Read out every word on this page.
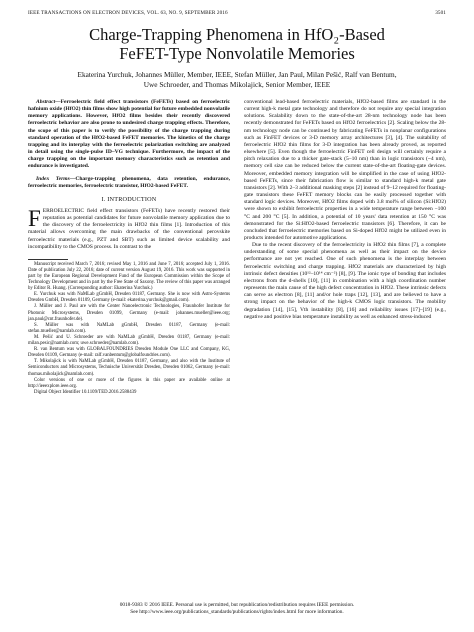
IEEE TRANSACTIONS ON ELECTRON DEVICES, VOL. 63, NO. 9, SEPTEMBER 2016	3501
Charge-Trapping Phenomena in HfO₂-Based
FeFET-Type Nonvolatile Memories
Ekaterina Yurchuk, Johannes Müller, Member, IEEE, Stefan Müller, Jan Paul, Milan Pešić, Ralf van Bentum,
Uwe Schroeder, and Thomas Mikolajick, Senior Member, IEEE

Abstract—Ferroelectric field effect transistors (FeFETs) based on ferroelectric hafnium oxide (HfO2) thin films show high potential for future embedded nonvolatile memory applications. However, HfO2 films besides their recently discovered ferroelectric behavior are also prone to undesired charge trapping effects. Therefore, the scope of this paper is to verify the possibility of the charge trapping during standard operation of the HfO2-based FeFET memories. The kinetics of the charge trapping and its interplay with the ferroelectric polarization switching are analyzed in detail using the single-pulse ID–VG technique. Furthermore, the impact of the charge trapping on the important memory characteristics such as retention and endurance is investigated.

Index Terms—Charge-trapping phenomena, data retention, endurance, ferroelectric memories, ferroelectric transistor, HfO2-based FeFET.

I. INTRODUCTION
F ERROELECTRIC field effect transistors (FeFETs) have recently restored their reputation as potential candidates for future nonvolatile memory application due to the discovery of the ferroelectricity in HfO2 thin films [1]. Introduction of this material allows overcoming the main drawbacks of the conventional perovskite ferroelectric materials (e.g., PZT and SBT) such as limited device scalability and incompatibility to the CMOS process. In contrast to the

Manuscript received March 7, 2016; revised May 1, 2016 and June 7, 2016; accepted July 1, 2016. Date of publication July 22, 2016; date of current version August 19, 2016. This work was supported in part by the European Regional Development Fund of the European Commission within the Scope of Technology Development and in part by the Free State of Saxony. The review of this paper was arranged by Editor R. Huang. (Corresponding author: Ekaterina Yurchuk.)

E. Yurchuk was with NaMLab gGmbH, Dresden 01187, Germany. She is now with Astro-Systems Dresden GmbH, Dresden 01109, Germany (e-mail: ekaterina.yurchuk@gmail.com).

J. Müller and J. Paul are with the Center Nanoelectronic Technologies, Fraunhofer Institute for Photonic Microsystems, Dresden 01099, Germany (e-mail: johannes.mueller@ieee.org; jan.paul@cnt.fraunhofer.de).

S. Müller was with NaMLab gGmbH, Dresden 01187, Germany (e-mail: stefan.mueller@namlab.com).

M. Pešić and U. Schroeder are with NaMLab gGmbH, Dresden 01187, Germany (e-mail: milan.pesic@namlab.com; uwe.schroeder@namlab.com).

R. van Bentum was with GLOBALFOUNDRIES Dresden Module One LLC and Company, KG, Dresden 01109, Germany (e-mail: ralf.vanbentum@globalfoundries.com).

T. Mikolajick is with NaMLab gGmbH, Dresden 01187, Germany, and also with the Institute of Semiconductors and Microsystems, Technische Universität Dresden, Dresden 01062, Germany (e-mail: thomas.mikolajick@namlab.com).

Color versions of one or more of the figures in this paper are available online at http://ieeexplore.ieee.org.

Digital Object Identifier 10.1109/TED.2016.2588439

conventional lead-based ferroelectric materials, HfO2-based films are standard in the current high-k metal gate technology and therefore do not require any special integration solutions. Scalability down to the state-of-the-art 28-nm technology node has been recently demonstrated for FeFETs based on HfO2 ferroelectrics [2]. Scaling below the 28-nm technology node can be continued by fabricating FeFETs in nonplanar configurations such as FinFET devices or 3-D memory array architectures [3], [4]. The suitability of ferroelectric HfO2 thin films for 3-D integration has been already proved, as reported elsewhere [5]. Even though the ferroelectric FinFET cell design will certainly require a pitch relaxation due to a thicker gate-stack (5–10 nm) than in logic transistors (~4 nm), memory cell size can be reduced below the current state-of-the-art floating-gate devices. Moreover, embedded memory integration will be simplified in the case of using HfO2-based FeFETs, since their fabrication flow is similar to standard high-k metal gate transistors [2]. With 2–3 additional masking steps [2] instead of 9–12 required for floating-gate transistors these FeFET memory blocks can be easily processed together with standard logic devices. Moreover, HfO2 films doped with 3.8 mol% of silicon (Si:HfO2) were shown to exhibit ferroelectric properties in a wide temperature range between −100 °C and 200 °C [5]. In addition, a potential of 10 years' data retention at 150 °C was demonstrated for the Si:HfO2-based ferroelectric transistors [6]. Therefore, it can be concluded that ferroelectric memories based on Si-doped HfO2 might be utilized even in products intended for automotive applications.

Due to the recent discovery of the ferroelectricity in HfO2 thin films [7], a complete understanding of some special phenomena as well as their impact on the device performance are not yet reached. One of such phenomena is the interplay between ferroelectric switching and charge trapping. HfO2 materials are characterized by high intrinsic defect densities (10¹²–10¹⁴ cm⁻²) [8], [9]. The ionic type of bonding that includes electrons from the d-shells [10], [11] in combination with a high coordination number represents the main cause of the high defect concentration in HfO2. These intrinsic defects can serve as electron [8], [11] and/or hole traps [12], [13], and are believed to have a strong impact on the behavior of the high-k CMOS logic transistors. The mobility degradation [14], [15], Vth instability [8], [16] and reliability issues [17]–[19] (e.g., negative and positive bias temperature instability as well as enhanced stress-induced

0018-9383 © 2016 IEEE. Personal use is permitted, but republication/redistribution requires IEEE permission.
See http://www.ieee.org/publications_standards/publications/rights/index.html for more information.
